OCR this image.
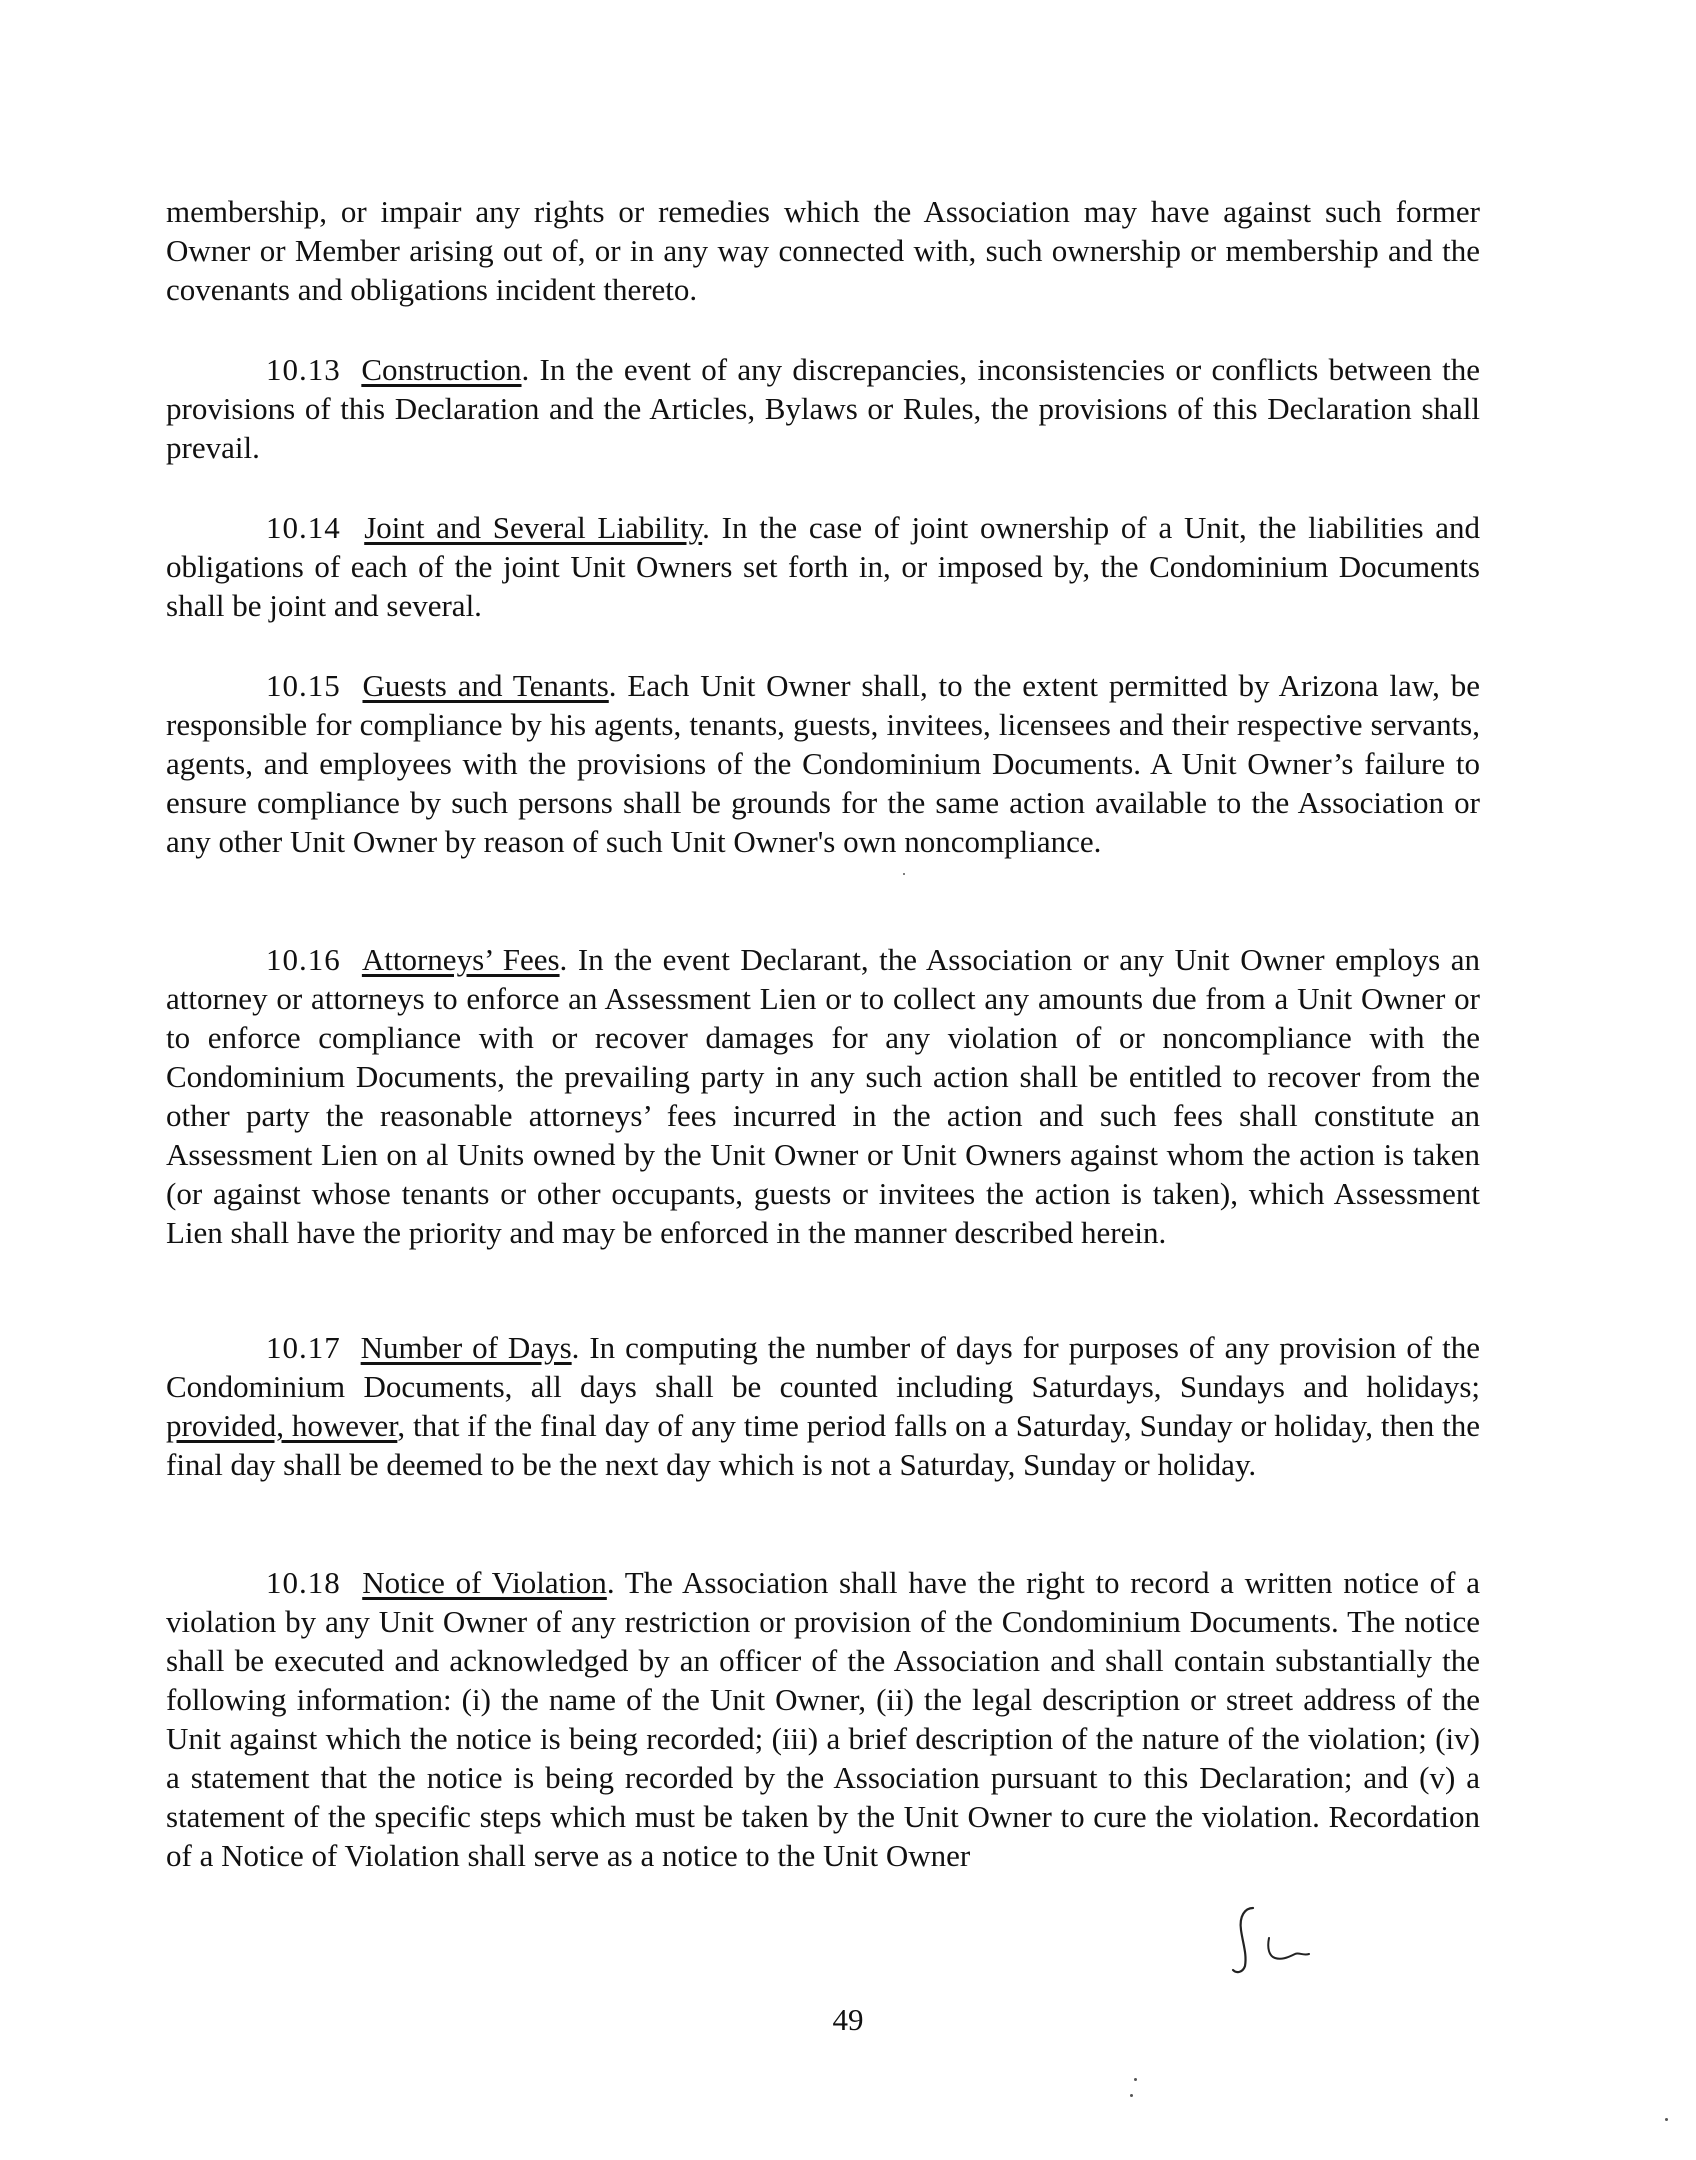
membership, or impair any rights or remedies which the Association may have against such former Owner or Member arising out of, or in any way connected with, such ownership or membership and the covenants and obligations incident thereto.

10.13 Construction. In the event of any discrepancies, inconsistencies or conflicts between the provisions of this Declaration and the Articles, Bylaws or Rules, the provisions of this Declaration shall prevail.

10.14 Joint and Several Liability. In the case of joint ownership of a Unit, the liabilities and obligations of each of the joint Unit Owners set forth in, or imposed by, the Condominium Documents shall be joint and several.

10.15 Guests and Tenants. Each Unit Owner shall, to the extent permitted by Arizona law, be responsible for compliance by his agents, tenants, guests, invitees, licensees and their respective servants, agents, and employees with the provisions of the Condominium Documents. A Unit Owner’s failure to ensure compliance by such persons shall be grounds for the same action available to the Association or any other Unit Owner by reason of such Unit Owner's own noncompliance.

10.16 Attorneys’ Fees. In the event Declarant, the Association or any Unit Owner employs an attorney or attorneys to enforce an Assessment Lien or to collect any amounts due from a Unit Owner or to enforce compliance with or recover damages for any violation of or noncompliance with the Condominium Documents, the prevailing party in any such action shall be entitled to recover from the other party the reasonable attorneys’ fees incurred in the action and such fees shall constitute an Assessment Lien on al Units owned by the Unit Owner or Unit Owners against whom the action is taken (or against whose tenants or other occupants, guests or invitees the action is taken), which Assessment Lien shall have the priority and may be enforced in the manner described herein.

10.17 Number of Days. In computing the number of days for purposes of any provision of the Condominium Documents, all days shall be counted including Saturdays, Sundays and holidays; provided, however, that if the final day of any time period falls on a Saturday, Sunday or holiday, then the final day shall be deemed to be the next day which is not a Saturday, Sunday or holiday.

10.18 Notice of Violation. The Association shall have the right to record a written notice of a violation by any Unit Owner of any restriction or provision of the Condominium Documents. The notice shall be executed and acknowledged by an officer of the Association and shall contain substantially the following information: (i) the name of the Unit Owner, (ii) the legal description or street address of the Unit against which the notice is being recorded; (iii) a brief description of the nature of the violation; (iv) a statement that the notice is being recorded by the Association pursuant to this Declaration; and (v) a statement of the specific steps which must be taken by the Unit Owner to cure the violation. Recordation of a Notice of Violation shall serve as a notice to the Unit Owner

49
